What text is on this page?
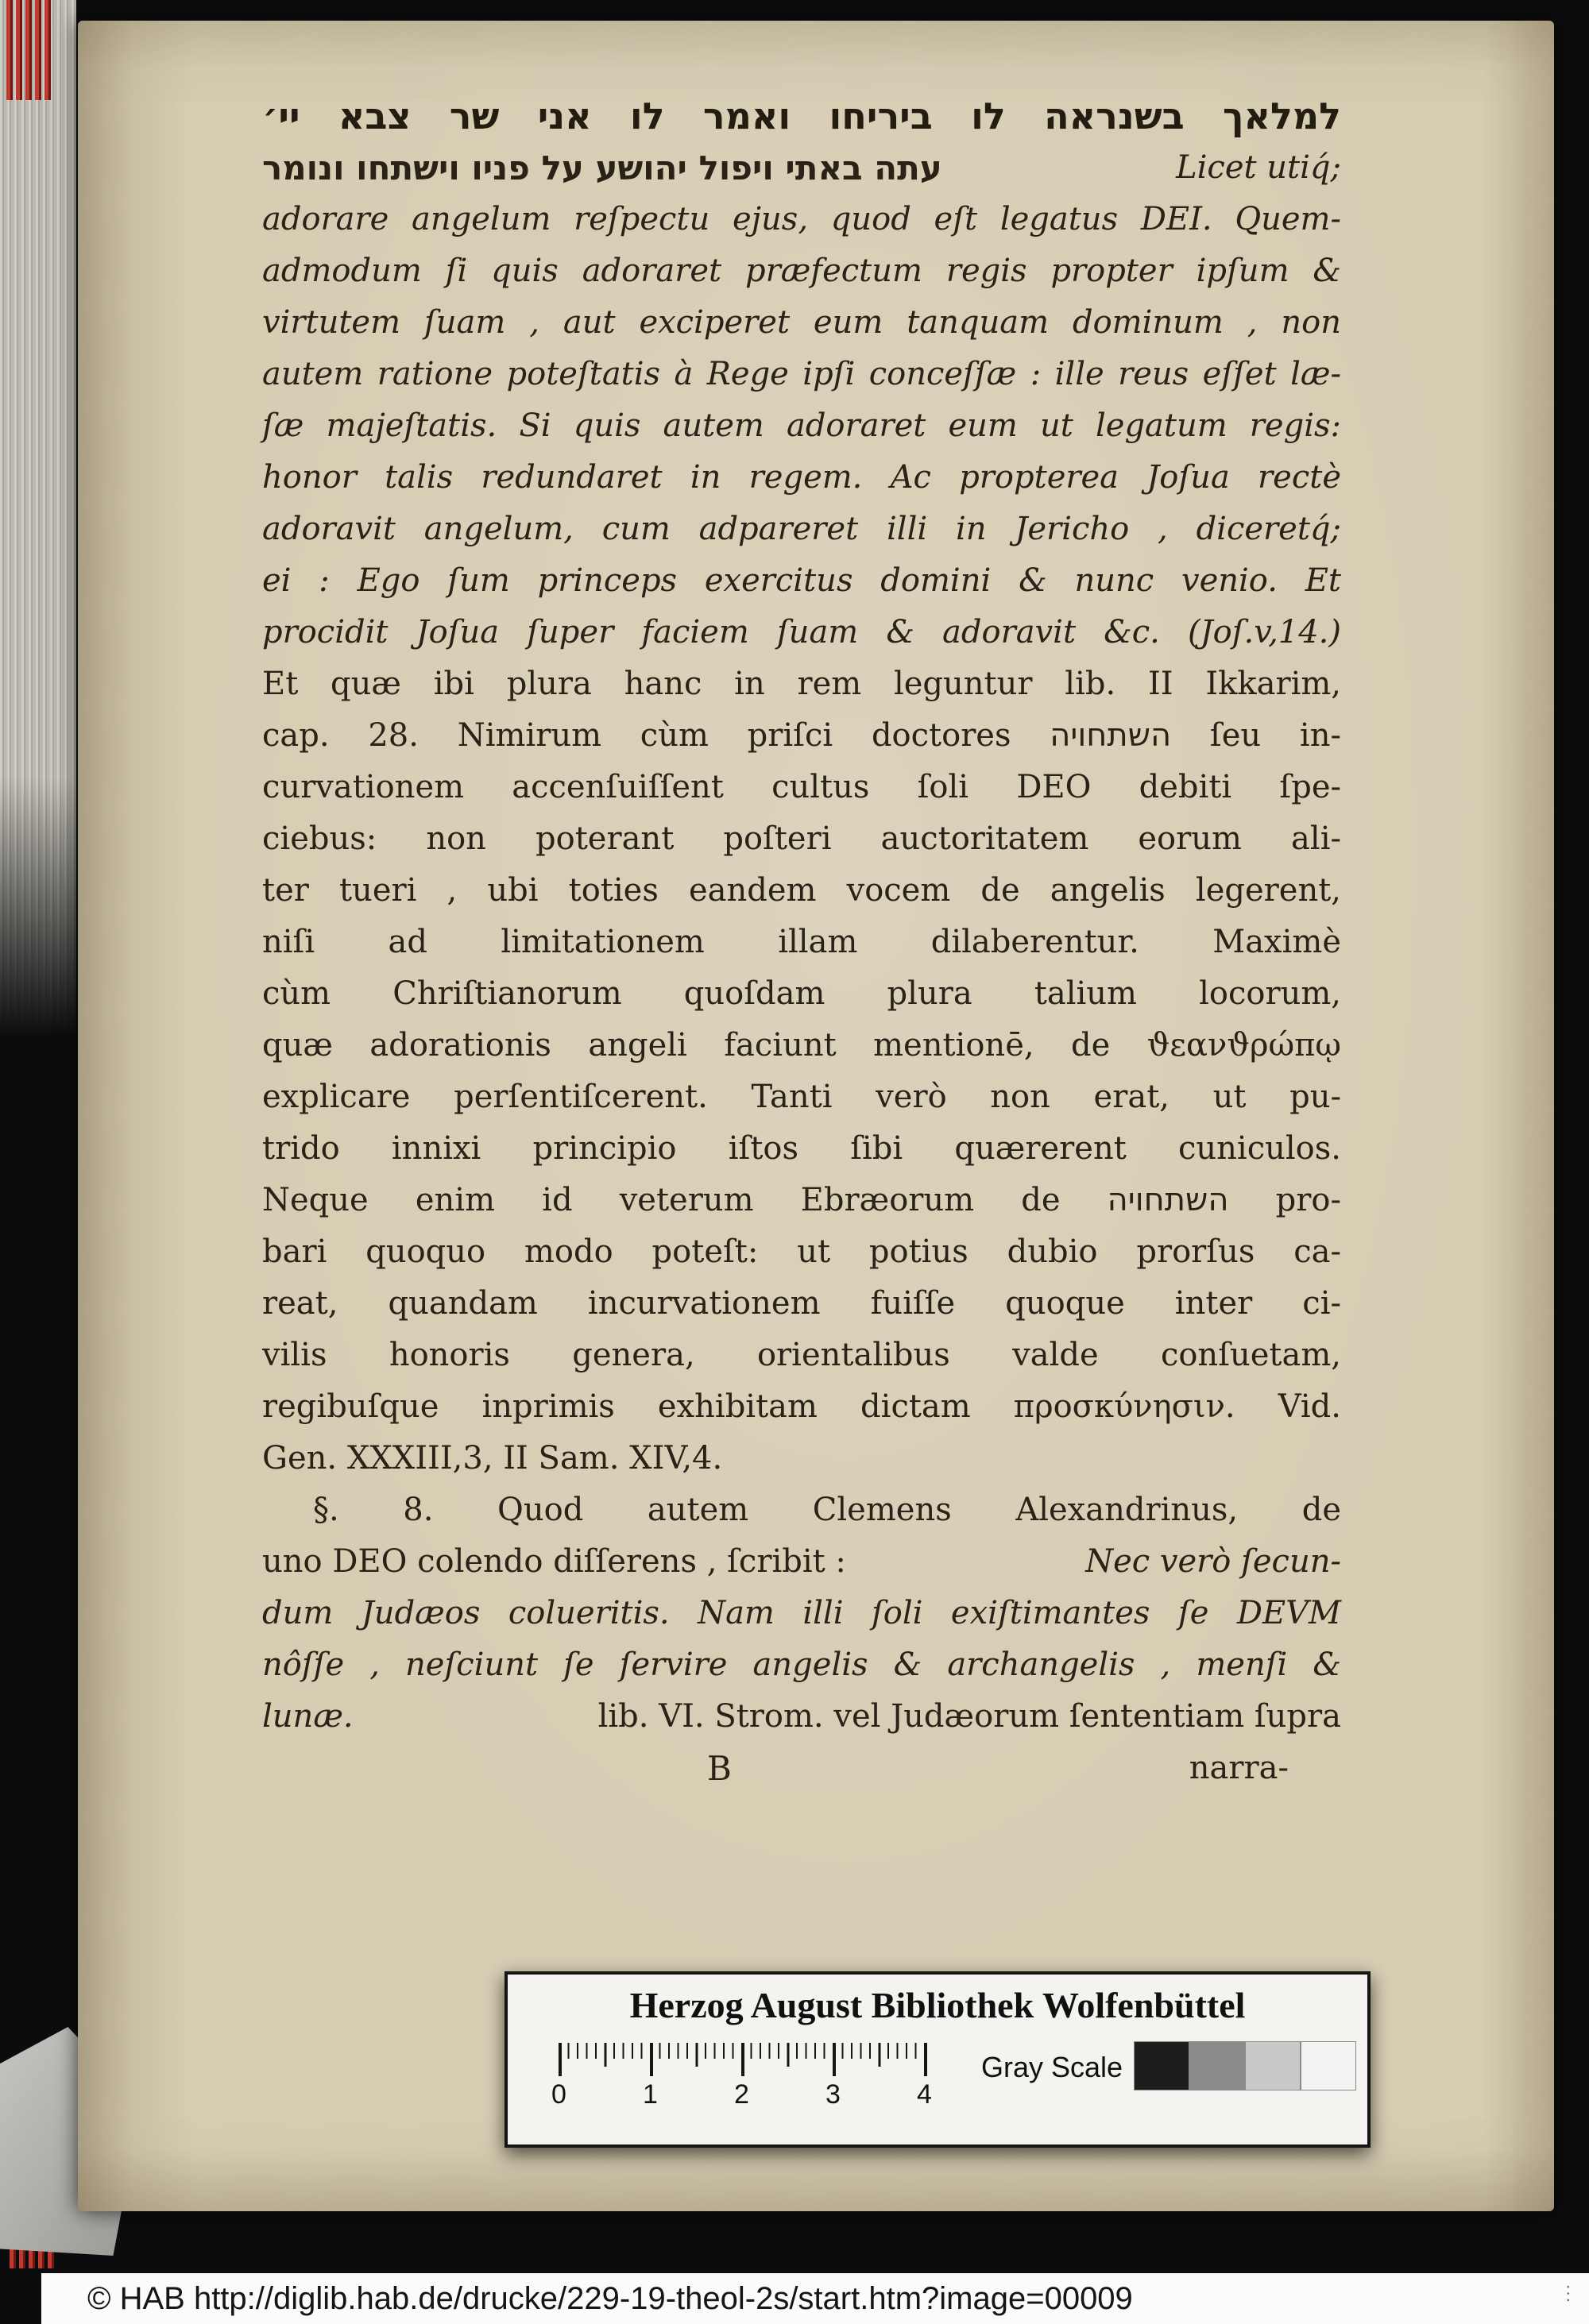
למלאך בשנראה לו ביריחו ואמר לו אני שר צבא יי׳
עתה באתי ויפול יהושע על פניו וישתחו ונומר	Licet utiq́;
adorare angelum reſpectu ejus, quod eſt legatus DEI. Quem-
admodum ſi quis adoraret præfectum regis propter ipſum &
virtutem ſuam , aut exciperet eum tanquam dominum , non
autem ratione poteſtatis à Rege ipſi conceſſæ : ille reus eſſet læ-
ſæ majeſtatis. Si quis autem adoraret eum ut legatum regis:
honor talis redundaret in regem. Ac propterea Joſua rectè
adoravit angelum, cum adpareret illi in Jericho , diceretq́;
ei : Ego ſum princeps exercitus domini & nunc venio. Et
procidit Joſua ſuper faciem ſuam & adoravit &c. (Joſ.v,14.)
Et quæ ibi plura hanc in rem leguntur lib. II Ikkarim,
cap. 28. Nimirum cùm priſci doctores השתחויה ſeu in-
curvationem accenſuiſſent cultus ſoli DEO debiti ſpe-
ciebus: non poterant poſteri auctoritatem eorum ali-
ter tueri , ubi toties eandem vocem de angelis legerent,
niſi ad limitationem illam dilaberentur. Maximè
cùm Chriſtianorum quoſdam plura talium locorum,
quæ adorationis angeli faciunt mentionē, de ϑεανϑρώπῳ
explicare perſentiſcerent. Tanti verò non erat, ut pu-
trido innixi principio iſtos ſibi quærerent cuniculos.
Neque enim id veterum Ebræorum de השתחויה pro-
bari quoquo modo poteſt: ut potius dubio prorſus ca-
reat, quandam incurvationem fuiſſe quoque inter ci-
vilis honoris genera, orientalibus valde conſuetam,
regibuſque inprimis exhibitam dictam προσκύνησιν. Vid.
Gen. XXXIII,3, II Sam. XIV,4.
§. 8. Quod autem Clemens Alexandrinus, de
uno DEO colendo diſſerens , ſcribit :	Nec verò ſecun-
dum Judæos colueritis. Nam illi ſoli exiſtimantes ſe DEVM
nôſſe , neſciunt ſe ſervire angelis & archangelis , menſi &
lunæ.	lib. VI. Strom. vel Judæorum ſententiam ſupra
B	narra-
Herzog August Bibliothek Wolfenbüttel
0	1	2	3	4
Gray Scale
© HAB http://diglib.hab.de/drucke/229-19-theol-2s/start.htm?image=00009	···
